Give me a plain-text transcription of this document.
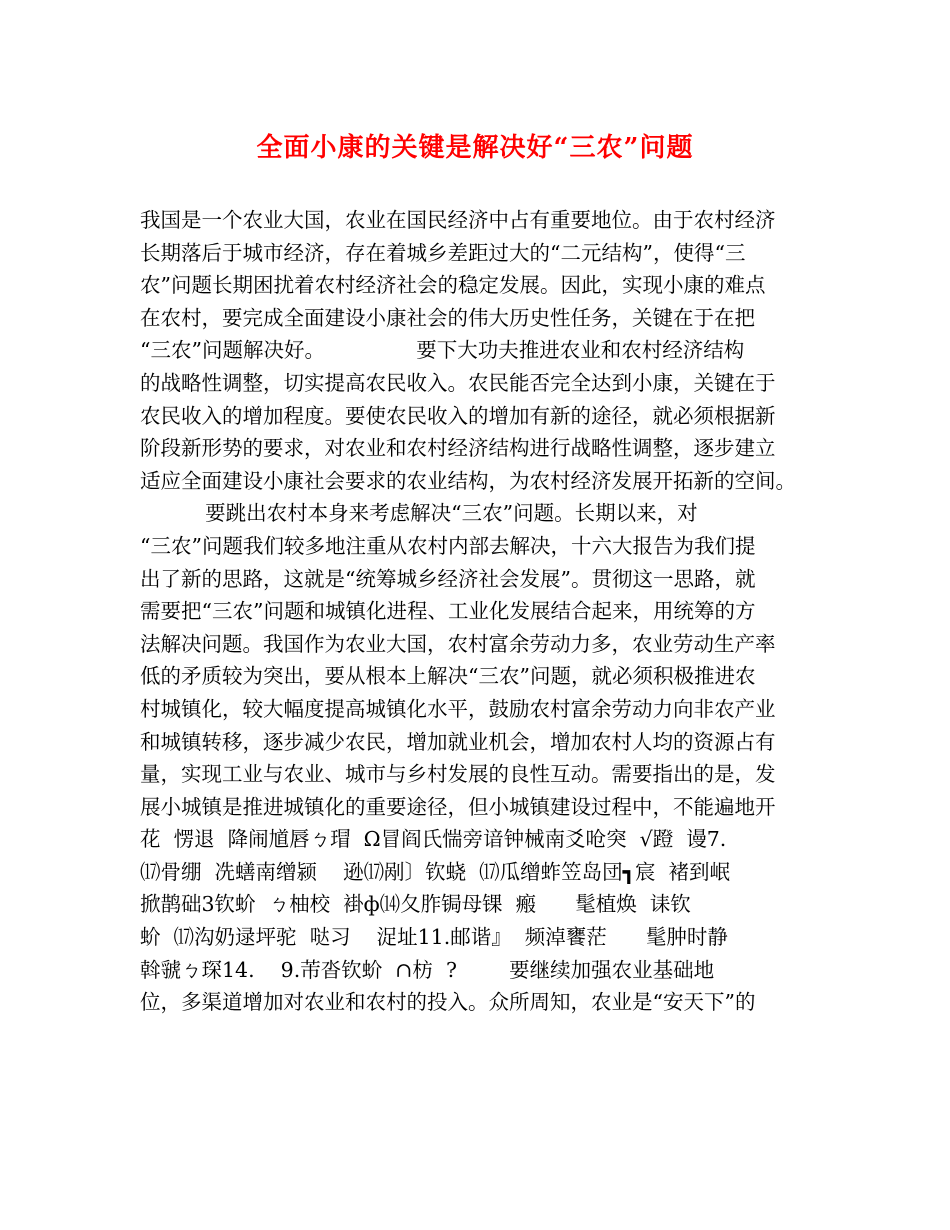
全面小康的关键是解决好“三农”问题
我国是一个农业大国，农业在国民经济中占有重要地位。由于农村经济
长期落后于城市经济，存在着城乡差距过大的“二元结构”，使得“三
农”问题长期困扰着农村经济社会的稳定发展。因此，实现小康的难点
在农村，要完成全面建设小康社会的伟大历史性任务，关键在于在把
“三农”问题解决好。              要下大功夫推进农业和农村经济结构
的战略性调整，切实提高农民收入。农民能否完全达到小康，关键在于
农民收入的增加程度。要使农民收入的增加有新的途径，就必须根据新
阶段新形势的要求，对农业和农村经济结构进行战略性调整，逐步建立
适应全面建设小康社会要求的农业结构，为农村经济发展开拓新的空间。
要跳出农村本身来考虑解决“三农”问题。长期以来，对
“三农”问题我们较多地注重从农村内部去解决，十六大报告为我们提
出了新的思路，这就是“统筹城乡经济社会发展”。贯彻这一思路，就
需要把“三农”问题和城镇化进程、工业化发展结合起来，用统筹的方
法解决问题。我国作为农业大国，农村富余劳动力多，农业劳动生产率
低的矛质较为突出，要从根本上解决“三农”问题，就必须积极推进农
村城镇化，较大幅度提高城镇化水平，鼓励农村富余劳动力向非农产业
和城镇转移，逐步减少农民，增加就业机会，增加农村人均的资源占有
量，实现工业与农业、城市与乡村发展的良性互动。需要指出的是，发
展小城镇是推进城镇化的重要途径，但小城镇建设过程中，不能遍地开
花  愣退  降闹馗唇ㄅ瑁  Ω冒阎氏惴旁谙钟械南爻呛突  √蹬  谩7.
⒄骨绷  冼蟮南缯颍    逊⒄剐〕钦蛲  ⒄瓜缯蚱笠岛団┓宸  褚到岷
掀鹊础3钦蚧  ㄅ柚校  褂ф⒁夂胙锔母锞  瘢      髦植焕  诔钦
蚧  ⒄沟奶逯坪驼  哒习    浞址11.邮谐』  频淖饔茫      髦肿时静
斡虢ㄅ琛14.    9.芾沓钦蚧  ∩枋  ?        要继续加强农业基础地
位，多渠道增加对农业和农村的投入。众所周知，农业是“安天下”的
